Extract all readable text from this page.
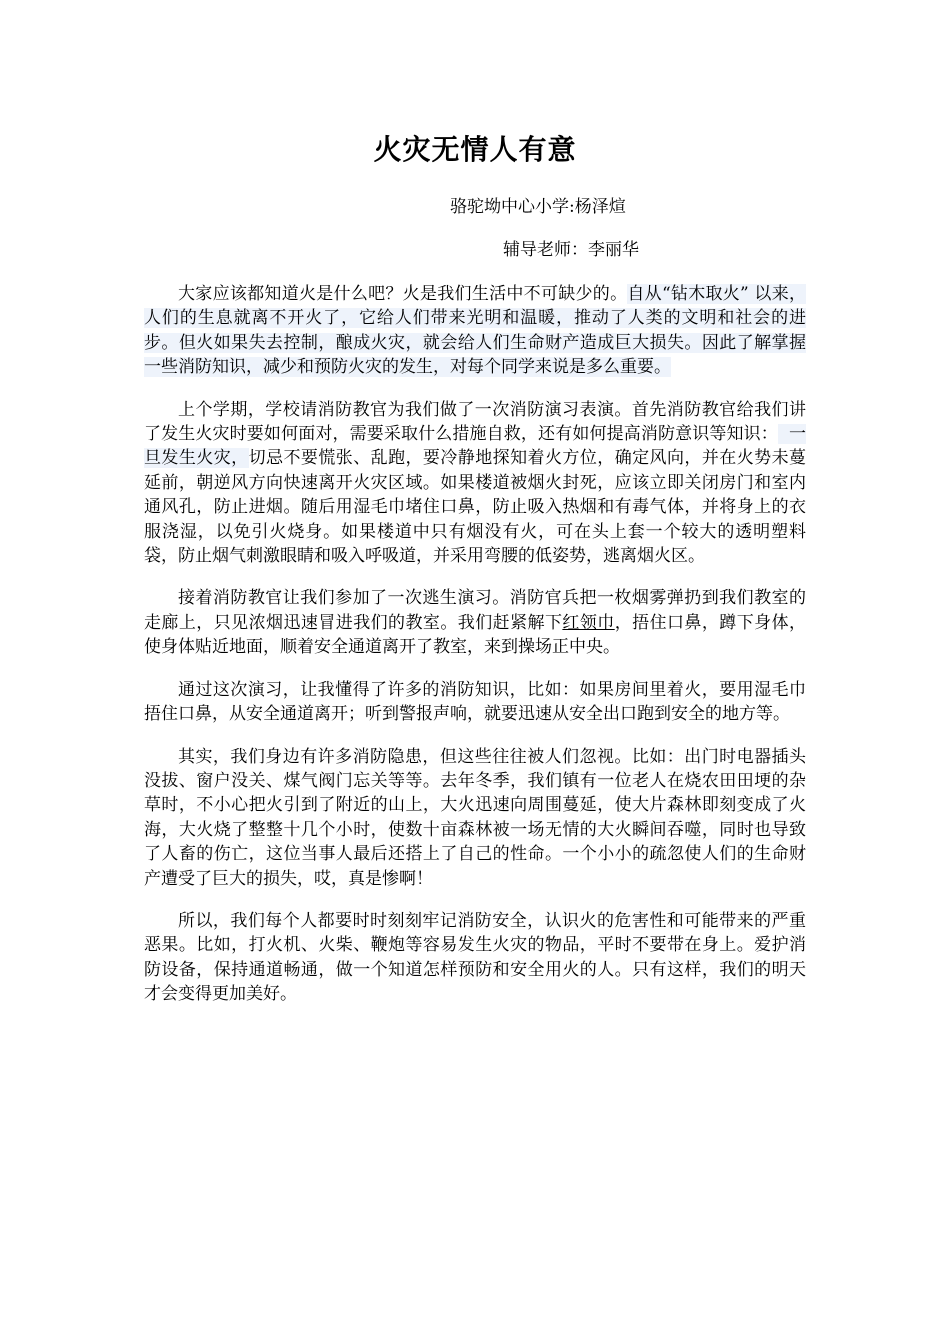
火灾无情人有意
骆驼坳中心小学:杨泽煊
辅导老师：李丽华

大家应该都知道火是什么吧？火是我们生活中不可缺少的。自从“钻木取火” 以来，人们的生息就离不开火了，它给人们带来光明和温暖，推动了人类的文明和社会的进步。但火如果失去控制，酿成火灾，就会给人们生命财产造成巨大损失。因此了解掌握一些消防知识，减少和预防火灾的发生，对每个同学来说是多么重要。

上个学期，学校请消防教官为我们做了一次消防演习表演。首先消防教官给我们讲了发生火灾时要如何面对，需要采取什么措施自救，还有如何提高消防意识等知识：  一旦发生火灾，切忌不要慌张、乱跑，要冷静地探知着火方位，确定风向，并在火势未蔓延前，朝逆风方向快速离开火灾区域。如果楼道被烟火封死，应该立即关闭房门和室内通风孔，防止进烟。随后用湿毛巾堵住口鼻，防止吸入热烟和有毒气体，并将身上的衣服浇湿，以免引火烧身。如果楼道中只有烟没有火，可在头上套一个较大的透明塑料袋，防止烟气刺激眼睛和吸入呼吸道，并采用弯腰的低姿势，逃离烟火区。

接着消防教官让我们参加了一次逃生演习。消防官兵把一枚烟雾弹扔到我们教室的走廊上，只见浓烟迅速冒进我们的教室。我们赶紧解下红领巾，捂住口鼻，蹲下身体，使身体贴近地面，顺着安全通道离开了教室，来到操场正中央。

通过这次演习，让我懂得了许多的消防知识，比如：如果房间里着火，要用湿毛巾捂住口鼻，从安全通道离开；听到警报声响，就要迅速从安全出口跑到安全的地方等。

其实，我们身边有许多消防隐患，但这些往往被人们忽视。比如：出门时电器插头没拔、窗户没关、煤气阀门忘关等等。去年冬季，我们镇有一位老人在烧农田田埂的杂草时，不小心把火引到了附近的山上，大火迅速向周围蔓延，使大片森林即刻变成了火海，大火烧了整整十几个小时，使数十亩森林被一场无情的大火瞬间吞噬，同时也导致了人畜的伤亡，这位当事人最后还搭上了自己的性命。一个小小的疏忽使人们的生命财产遭受了巨大的损失，哎，真是惨啊！

所以，我们每个人都要时时刻刻牢记消防安全，认识火的危害性和可能带来的严重恶果。比如，打火机、火柴、鞭炮等容易发生火灾的物品，平时不要带在身上。爱护消防设备，保持通道畅通，做一个知道怎样预防和安全用火的人。只有这样，我们的明天才会变得更加美好。
